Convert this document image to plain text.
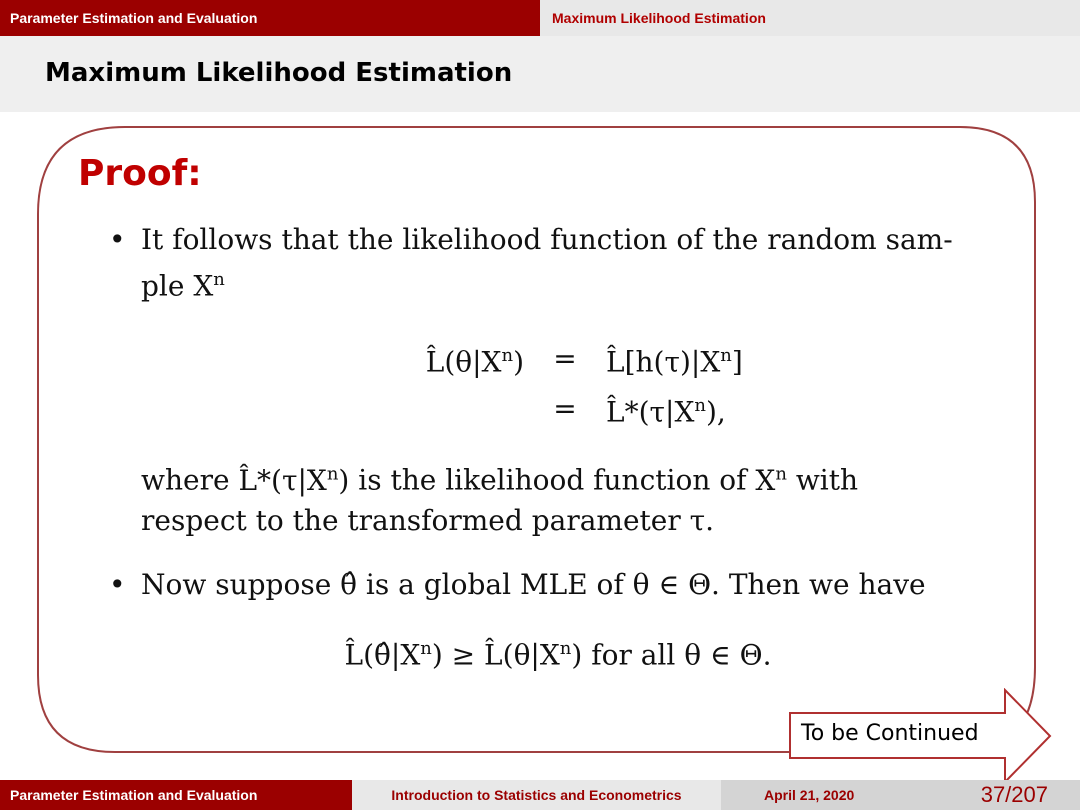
Parameter Estimation and Evaluation	Maximum Likelihood Estimation
Maximum Likelihood Estimation
Proof:
• It follows that the likelihood function of the random sam-
ple $X^n$
$L̂(\theta|X^n)$	=	$L̂[h(\tau)|X^n]$
	=	$L̂*(\tau|X^n)$,
where $L̂*(\tau|X^n)$ is the likelihood function of $X^n$ with
respect to the transformed parameter τ.
• Now suppose θ̂ is a global MLE of θ ∈ Θ. Then we have
$L̂(\thetâ|X^n)$ ≥ $L̂(\theta|X^n)$ for all θ ∈ Θ.
To be Continued
Parameter Estimation and Evaluation	Introduction to Statistics and Econometrics	April 21, 2020	37/207
